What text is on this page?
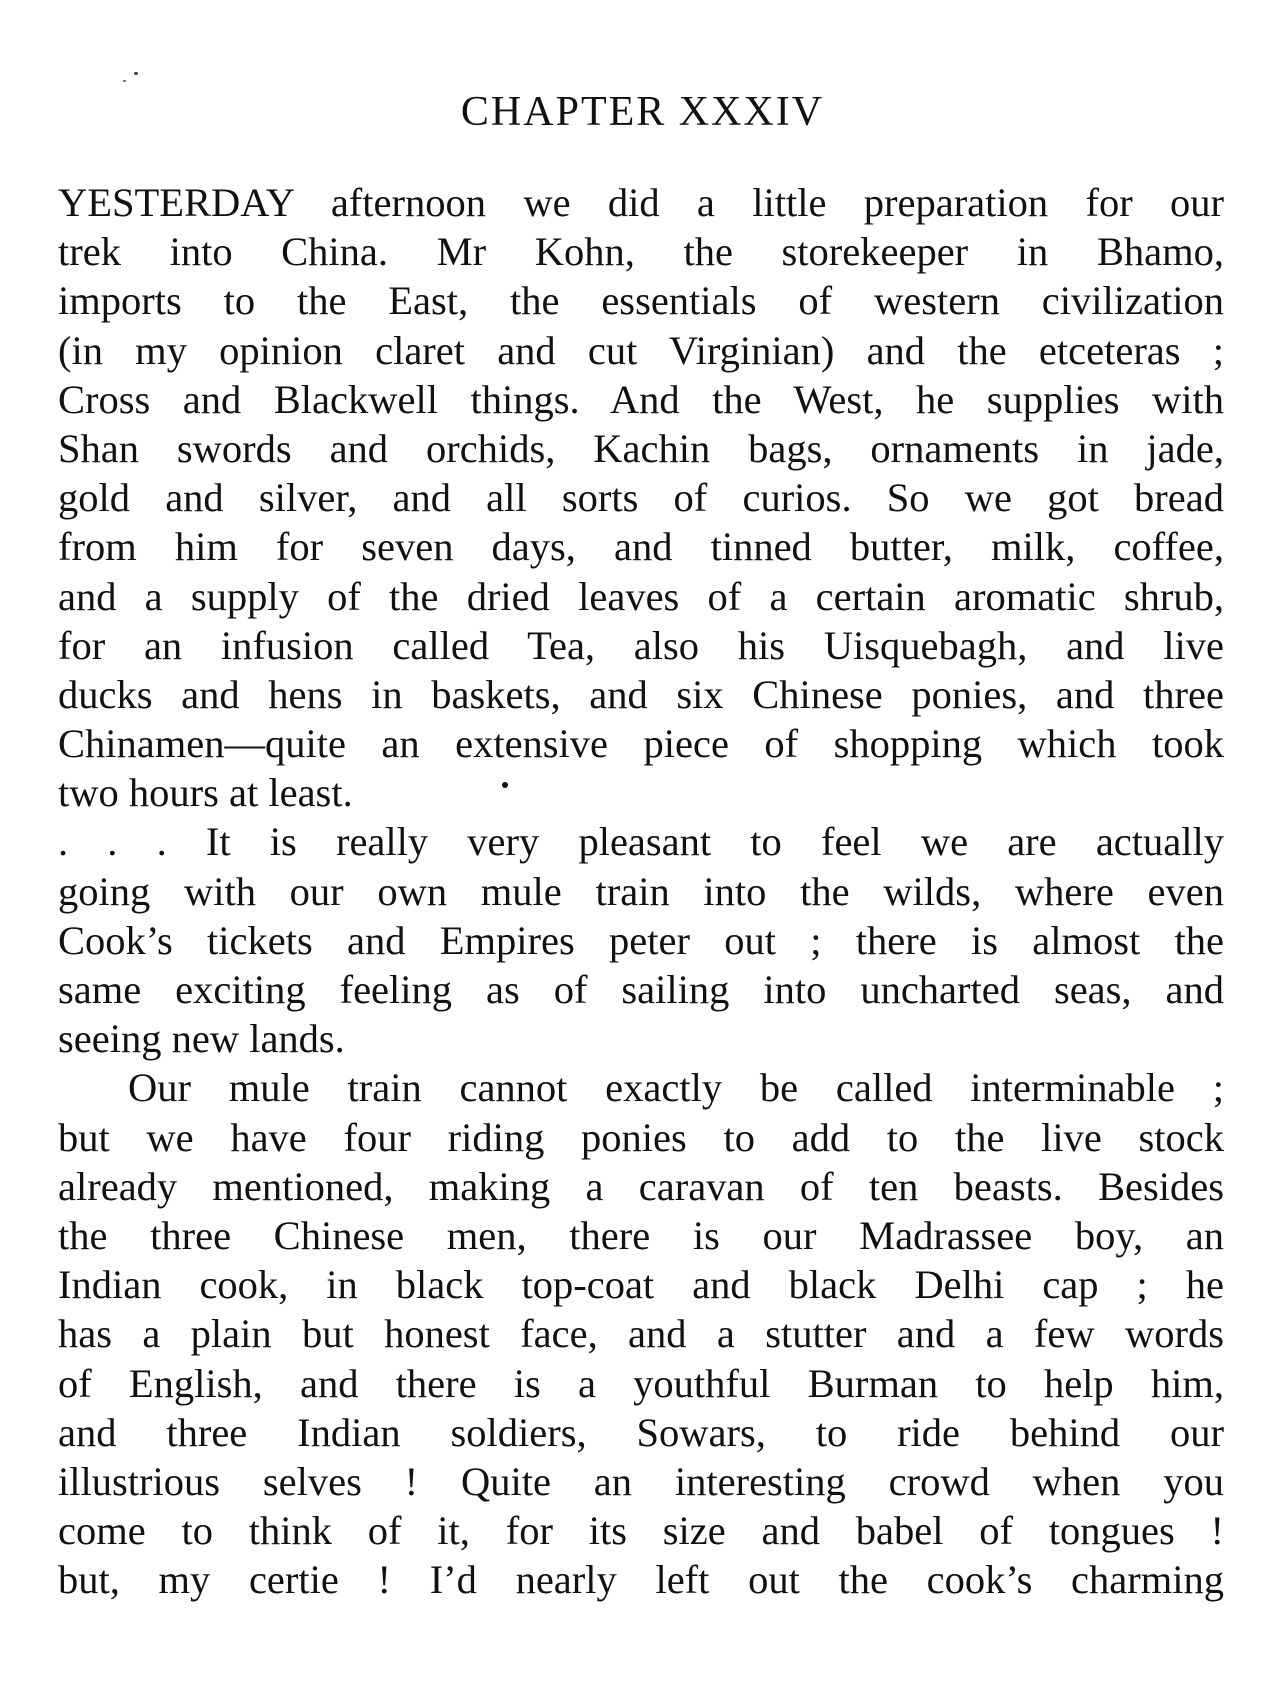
CHAPTER XXXIV
YESTERDAY afternoon we did a little preparation for our
trek into China. Mr Kohn, the storekeeper in Bhamo,
imports to the East, the essentials of western civilization
(in my opinion claret and cut Virginian) and the etceteras ;
Cross and Blackwell things. And the West, he supplies with
Shan swords and orchids, Kachin bags, ornaments in jade,
gold and silver, and all sorts of curios. So we got bread
from him for seven days, and tinned butter, milk, coffee,
and a supply of the dried leaves of a certain aromatic shrub,
for an infusion called Tea, also his Uisquebagh, and live
ducks and hens in baskets, and six Chinese ponies, and three
Chinamen—quite an extensive piece of shopping which took
two hours at least.
. . . It is really very pleasant to feel we are actually
going with our own mule train into the wilds, where even
Cook’s tickets and Empires peter out ; there is almost the
same exciting feeling as of sailing into uncharted seas, and
seeing new lands.
Our mule train cannot exactly be called interminable ;
but we have four riding ponies to add to the live stock
already mentioned, making a caravan of ten beasts. Besides
the three Chinese men, there is our Madrassee boy, an
Indian cook, in black top-coat and black Delhi cap ; he
has a plain but honest face, and a stutter and a few words
of English, and there is a youthful Burman to help him,
and three Indian soldiers, Sowars, to ride behind our
illustrious selves ! Quite an interesting crowd when you
come to think of it, for its size and babel of tongues !
but, my certie ! I’d nearly left out the cook’s charming
